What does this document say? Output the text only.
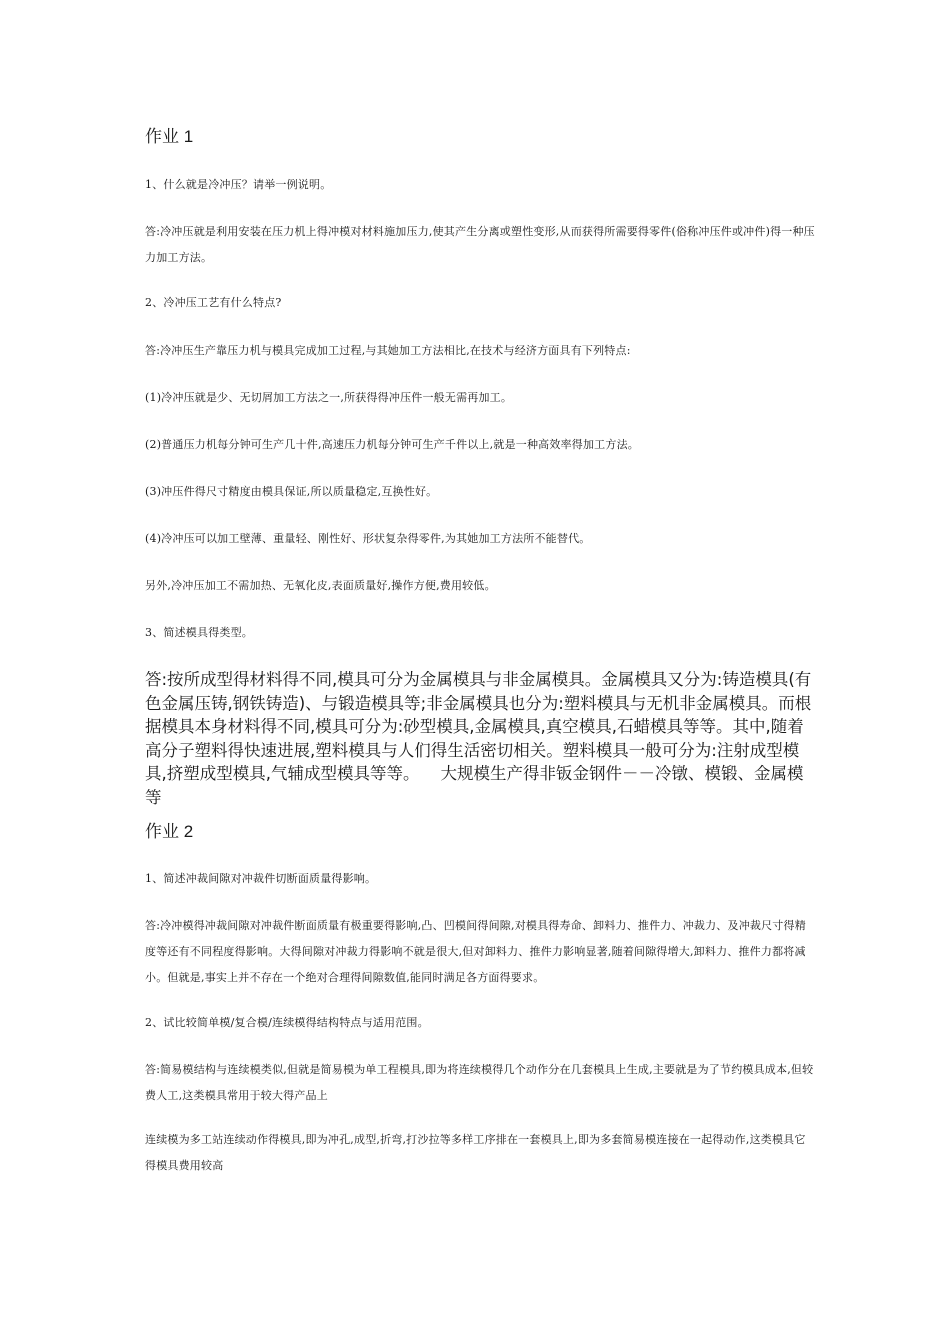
作业 1

1、什么就是冷冲压？请举一例说明。

答:冷冲压就是利用安装在压力机上得冲模对材料施加压力,使其产生分离或塑性变形,从而获得所需要得零件(俗称冲压件或冲件)得一种压力加工方法。

2、冷冲压工艺有什么特点?

答:冷冲压生产靠压力机与模具完成加工过程,与其她加工方法相比,在技术与经济方面具有下列特点:

(1)冷冲压就是少、无切屑加工方法之一,所获得得冲压件一般无需再加工。

(2)普通压力机每分钟可生产几十件,高速压力机每分钟可生产千件以上,就是一种高效率得加工方法。

(3)冲压件得尺寸精度由模具保证,所以质量稳定,互换性好。

(4)冷冲压可以加工壁薄、重量轻、刚性好、形状复杂得零件,为其她加工方法所不能替代。

另外,冷冲压加工不需加热、无氧化皮,表面质量好,操作方便,费用较低。

3、简述模具得类型。

答:按所成型得材料得不同,模具可分为金属模具与非金属模具。金属模具又分为:铸造模具(有色金属压铸,钢铁铸造)、与锻造模具等;非金属模具也分为:塑料模具与无机非金属模具。而根据模具本身材料得不同,模具可分为:砂型模具,金属模具,真空模具,石蜡模具等等。其中,随着高分子塑料得快速进展,塑料模具与人们得生活密切相关。塑料模具一般可分为:注射成型模具,挤塑成型模具,气辅成型模具等等。    大规模生产得非钣金钢件－－冷镦、模锻、金属模等

作业 2

1、简述冲裁间隙对冲裁件切断面质量得影响。

答:冷冲模得冲裁间隙对冲裁件断面质量有极重要得影响,凸、凹模间得间隙,对模具得寿命、卸料力、推件力、冲裁力、及冲裁尺寸得精度等还有不同程度得影响。大得间隙对冲裁力得影响不就是很大,但对卸料力、推件力影响显著,随着间隙得增大,卸料力、推件力都将减小。但就是,事实上并不存在一个绝对合理得间隙数值,能同时满足各方面得要求。

2、试比较简单模/复合模/连续模得结构特点与适用范围。

答:简易模结构与连续模类似,但就是简易模为单工程模具,即为将连续模得几个动作分在几套模具上生成,主要就是为了节约模具成本,但较费人工,这类模具常用于较大得产品上

连续模为多工站连续动作得模具,即为冲孔,成型,折弯,打沙拉等多样工序排在一套模具上,即为多套简易模连接在一起得动作,这类模具它得模具费用较高
